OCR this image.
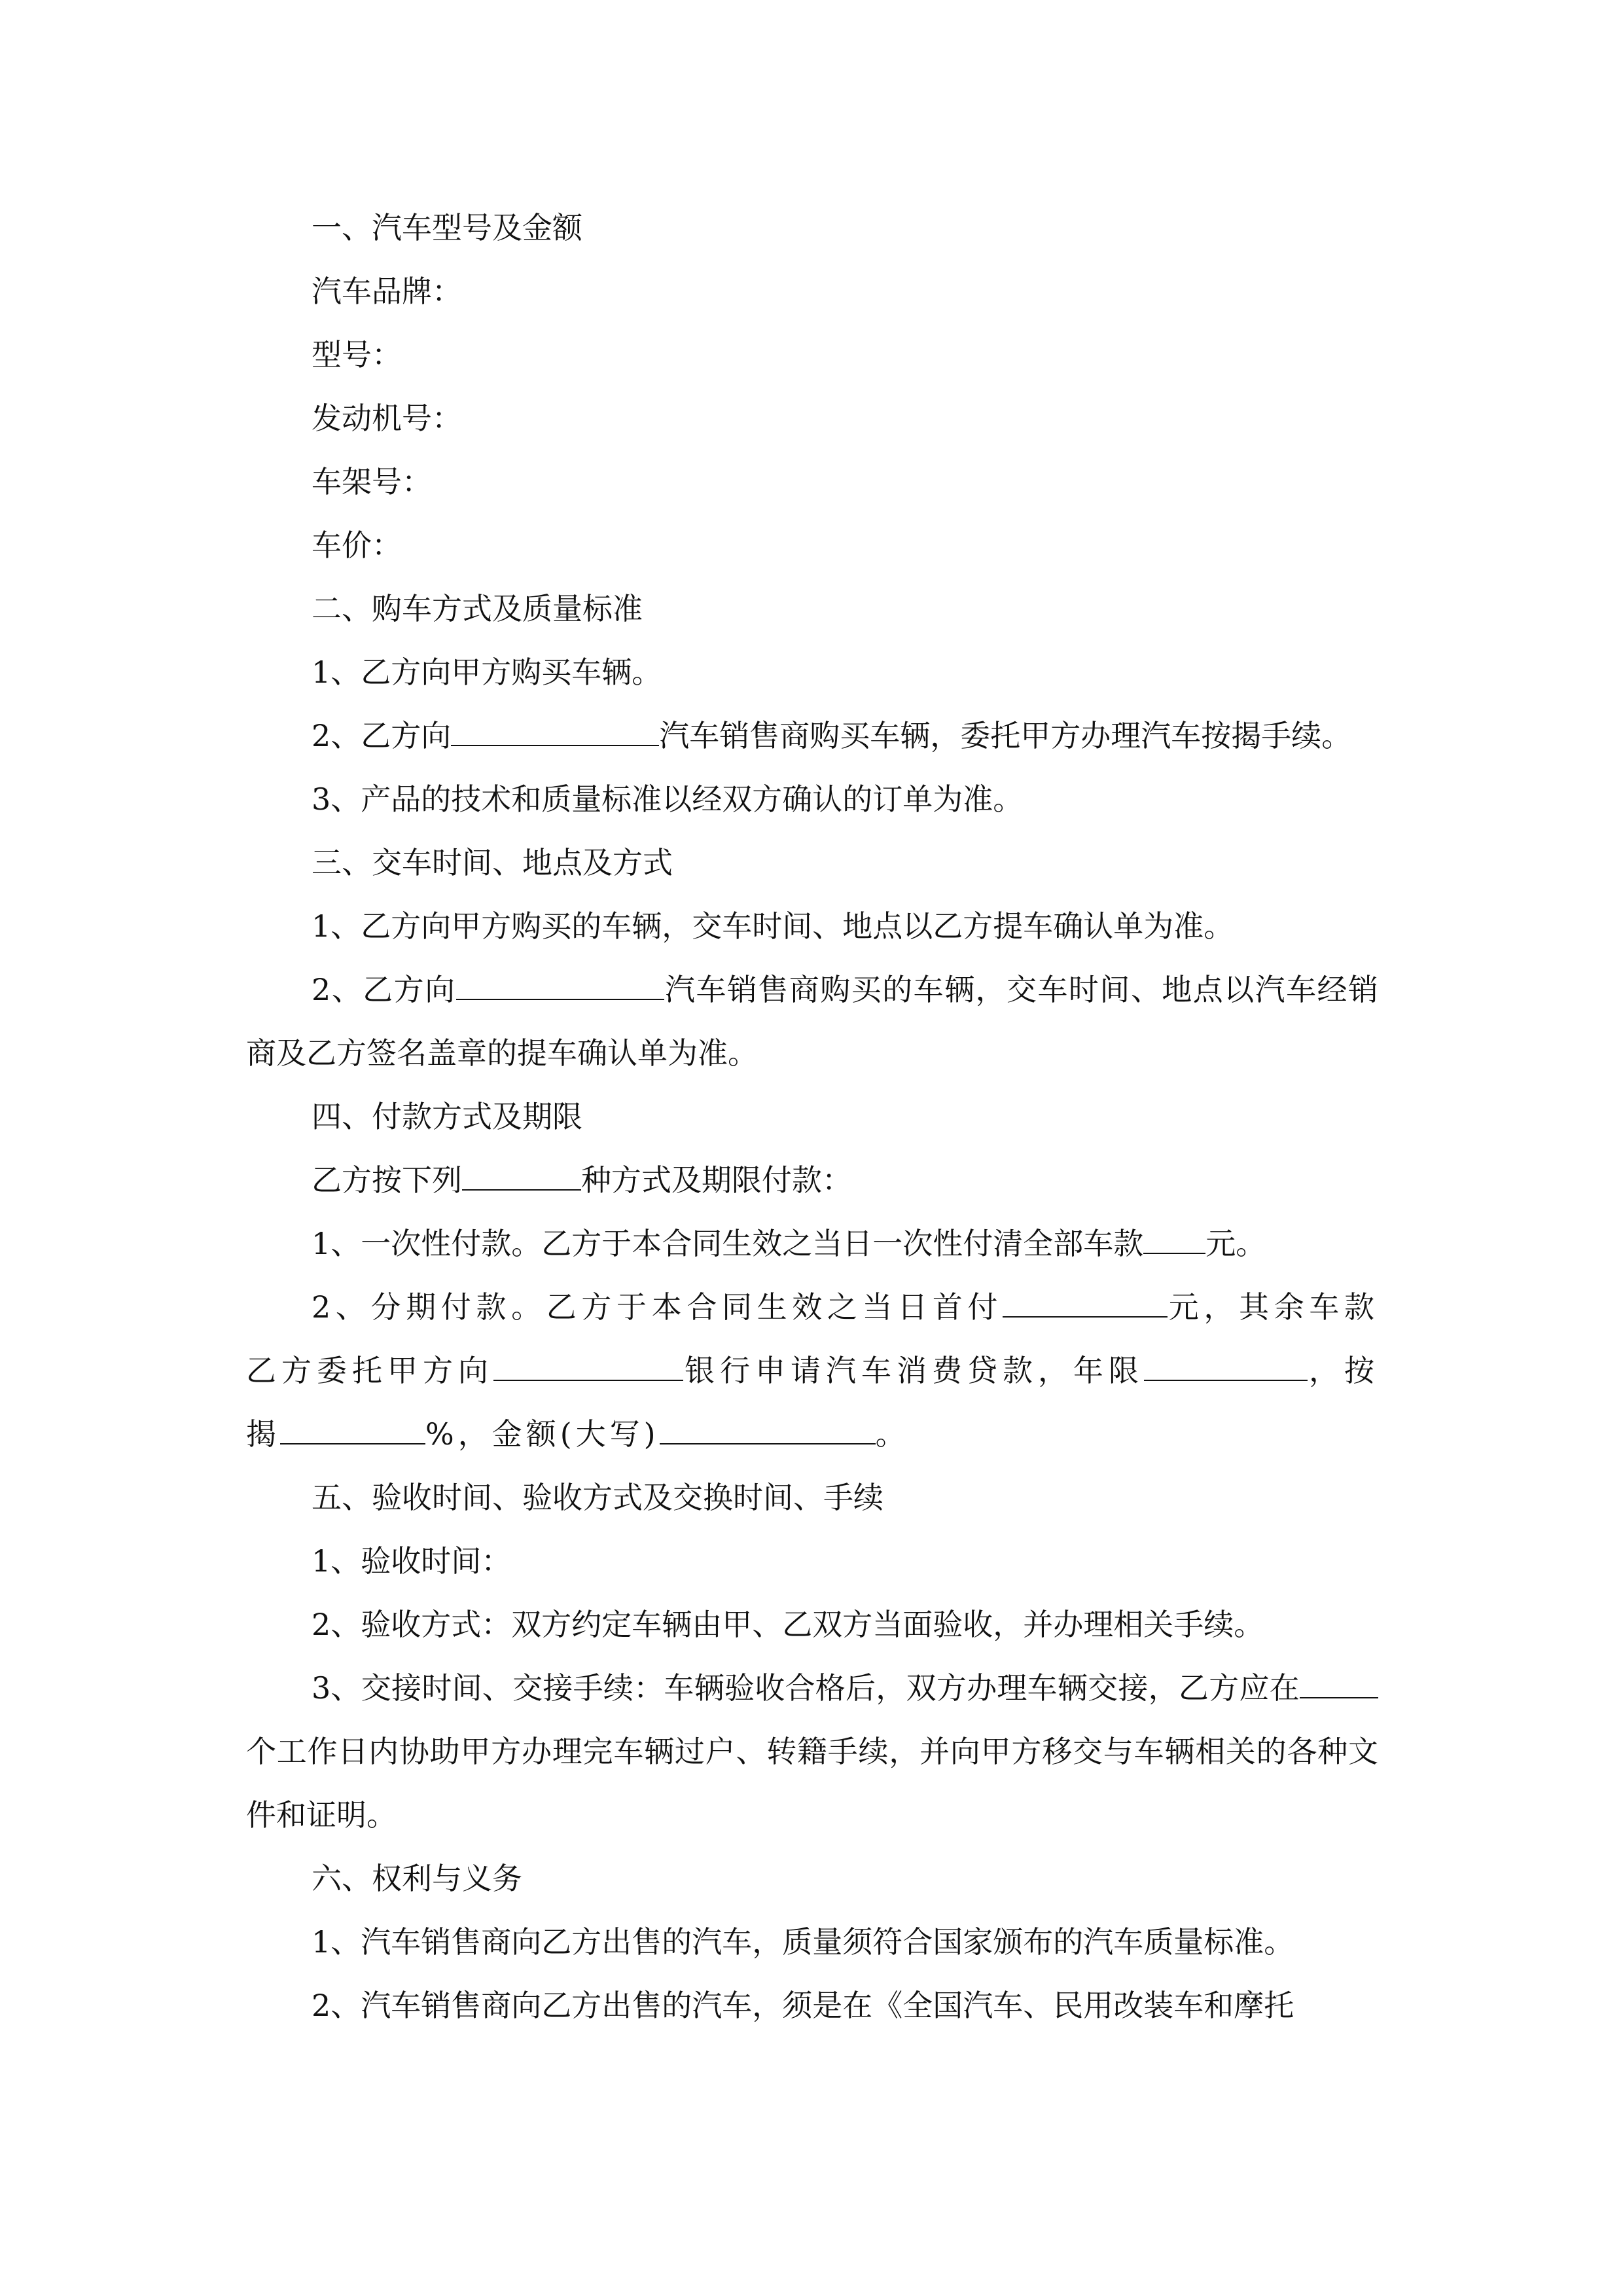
一、汽车型号及金额

汽车品牌：

型号：

发动机号：

车架号：

车价：

二、购车方式及质量标准

1、乙方向甲方购买车辆。

2、乙方向	汽车销售商购买车辆，委托甲方办理汽车按揭手续。

3、产品的技术和质量标准以经双方确认的订单为准。

三、交车时间、地点及方式

1、乙方向甲方购买的车辆，交车时间、地点以乙方提车确认单为准。

2、乙方向	汽车销售商购买的车辆，交车时间、地点以汽车经销商及乙方签名盖章的提车确认单为准。

四、付款方式及期限

乙方按下列	种方式及期限付款：

1、一次性付款。乙方于本合同生效之当日一次性付清全部车款 元。

2、分期付款。乙方于本合同生效之当日首付	元，其余车款乙方委托甲方向	银行申请汽车消费贷款，年限	，按揭	%，金额(大写)	。

五、验收时间、验收方式及交换时间、手续

1、验收时间：

2、验收方式：双方约定车辆由甲、乙双方当面验收，并办理相关手续。

3、交接时间、交接手续：车辆验收合格后，双方办理车辆交接，乙方应在个工作日内协助甲方办理完车辆过户、转籍手续，并向甲方移交与车辆相关的各种文件和证明。

六、权利与义务

1、汽车销售商向乙方出售的汽车，质量须符合国家颁布的汽车质量标准。

2、汽车销售商向乙方出售的汽车，须是在《全国汽车、民用改装车和摩托
